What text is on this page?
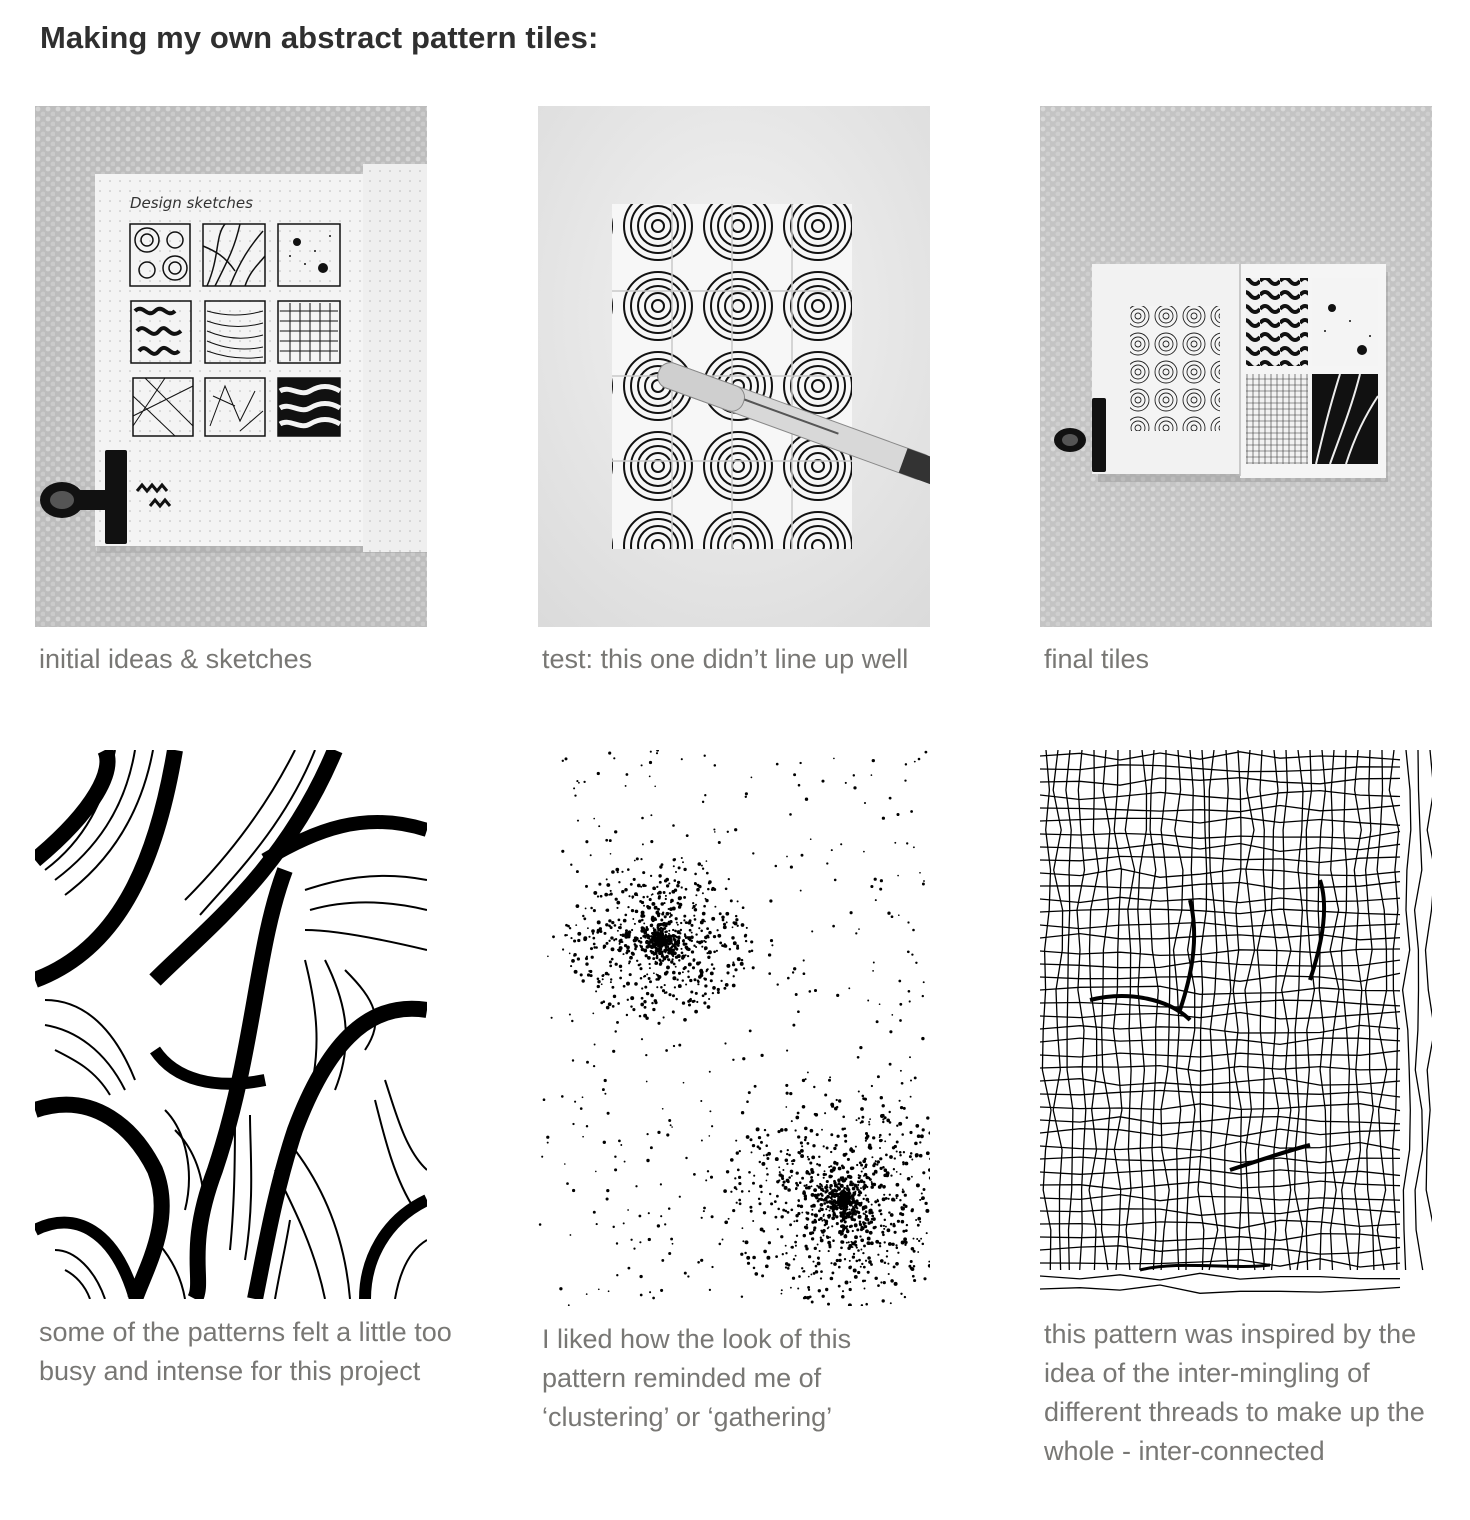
Making my own abstract pattern tiles:
Design sketches
initial ideas & sketches	test: this one didn’t line up well	final tiles
some of the patterns felt a little too busy and intense for this project
I liked how the look of this pattern reminded me of ‘clustering’ or ‘gathering’
this pattern was inspired by the idea of the inter-mingling of different threads to make up the whole - inter-connected
